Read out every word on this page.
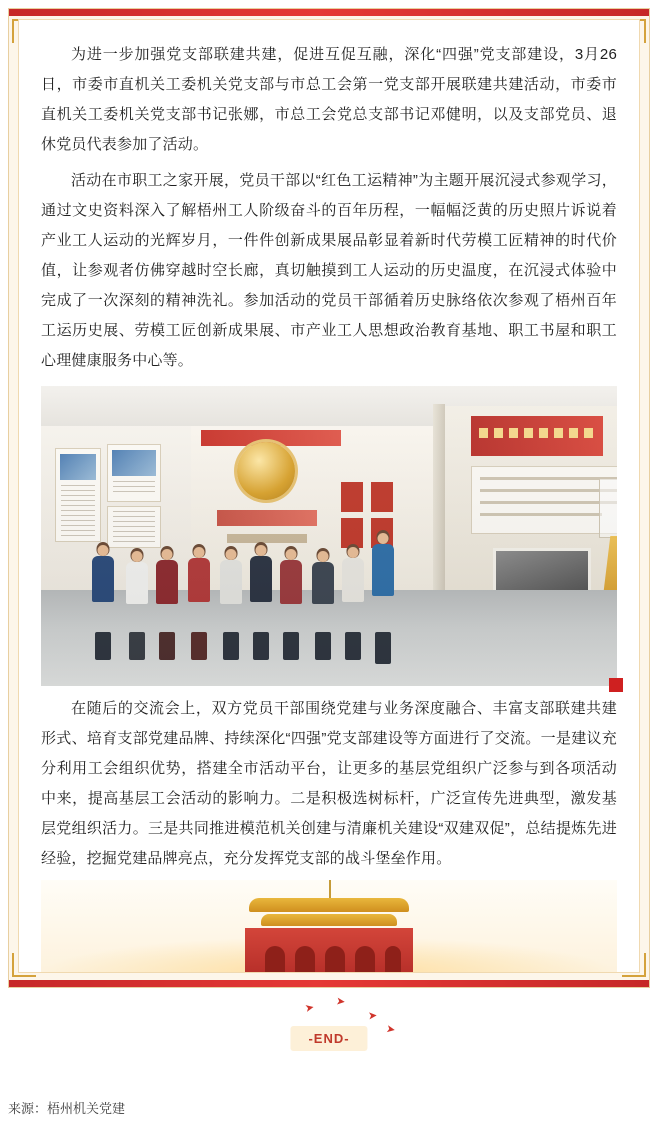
为进一步加强党支部联建共建，促进互促互融，深化“四强”党支部建设，3月26日，市委市直机关工委机关党支部与市总工会第一党支部开展联建共建活动，市委市直机关工委机关党支部书记张娜，市总工会党总支部书记邓健明，以及支部党员、退休党员代表参加了活动。

活动在市职工之家开展，党员干部以“红色工运精神”为主题开展沉浸式参观学习，通过文史资料深入了解梧州工人阶级奋斗的百年历程，一幅幅泛黄的历史照片诉说着产业工人运动的光辉岁月，一件件创新成果展品彰显着新时代劳模工匠精神的时代价值，让参观者仿佛穿越时空长廊，真切触摸到工人运动的历史温度，在沉浸式体验中完成了一次深刻的精神洗礼。参加活动的党员干部循着历史脉络依次参观了梧州百年工运历史展、劳模工匠创新成果展、市产业工人思想政治教育基地、职工书屋和职工心理健康服务中心等。

在随后的交流会上，双方党员干部围绕党建与业务深度融合、丰富支部联建共建形式、培育支部党建品牌、持续深化“四强”党支部建设等方面进行了交流。一是建议充分利用工会组织优势，搭建全市活动平台，让更多的基层党组织广泛参与到各项活动中来，提高基层工会活动的影响力。二是积极选树标杆，广泛宣传先进典型，激发基层党组织活力。三是共同推进模范机关创建与清廉机关建设“双建双促”，总结提炼先进经验，挖掘党建品牌亮点，充分发挥党支部的战斗堡垒作用。

➤ ➤
➤
➤
-END-
来源：梧州机关党建
